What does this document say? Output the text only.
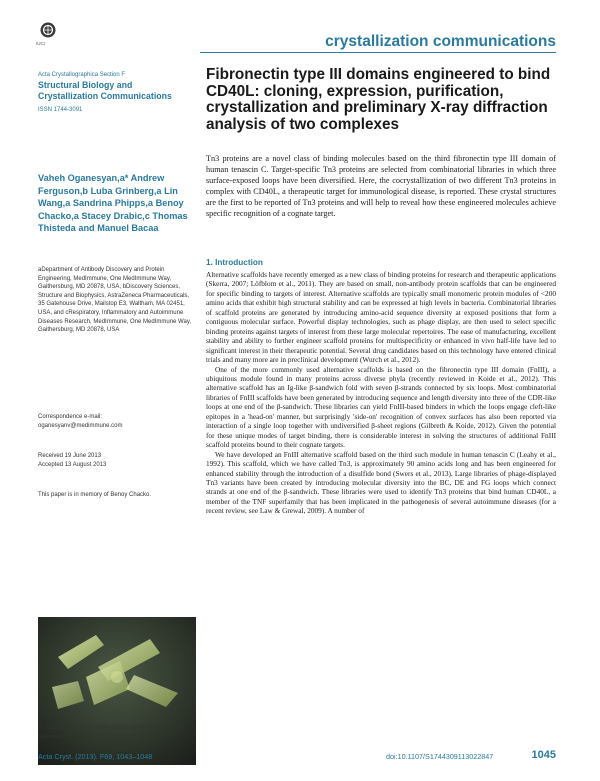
IUCr	crystallization communications
Acta Crystallographica Section F
Structural Biology and Crystallization Communications
ISSN 1744-3091
Vaheh Oganesyan,a* Andrew Ferguson,b Luba Grinberg,a Lin Wang,a Sandrina Phipps,a Benoy Chacko,a Stacey Drabic,c Thomas Thisteda and Manuel Bacaa
aDepartment of Antibody Discovery and Protein Engineering, MedImmune, One MedImmune Way, Gaithersburg, MD 20878, USA, bDiscovery Sciences, Structure and Biophysics, AstraZeneca Pharmaceuticals, 35 Gatehouse Drive, Mailstop E3, Waltham, MA 02451, USA, and cRespiratory, Inflammatory and Autoimmune Diseases Research, MedImmune, One MedImmune Way, Gaithersburg, MD 20878, USA
Correspondence e-mail:
oganesyanv@medimmune.com
Received 19 June 2013
Accepted 13 August 2013
This paper is in memory of Benoy Chacko.
© 2013 International Union of Crystallography All rights reserved
Fibronectin type III domains engineered to bind CD40L: cloning, expression, purification, crystallization and preliminary X-ray diffraction analysis of two complexes
Tn3 proteins are a novel class of binding molecules based on the third fibronectin type III domain of human tenascin C. Target-specific Tn3 proteins are selected from combinatorial libraries in which three surface-exposed loops have been diversified. Here, the cocrystallization of two different Tn3 proteins in complex with CD40L, a therapeutic target for immunological disease, is reported. These crystal structures are the first to be reported of Tn3 proteins and will help to reveal how these engineered molecules achieve specific recognition of a cognate target.
1. Introduction

Alternative scaffolds have recently emerged as a new class of binding proteins for research and therapeutic applications (Skerra, 2007; Löfblom et al., 2011). They are based on small, non-antibody protein scaffolds that can be engineered for specific binding to targets of interest. Alternative scaffolds are typically small monomeric protein modules of <200 amino acids that exhibit high structural stability and can be expressed at high levels in bacteria. Combinatorial libraries of scaffold proteins are generated by introducing amino-acid sequence diversity at exposed positions that form a contiguous molecular surface. Powerful display technologies, such as phage display, are then used to select specific binding proteins against targets of interest from these large molecular repertoires. The ease of manufacturing, excellent stability and ability to further engineer scaffold proteins for multispecificity or enhanced in vivo half-life have led to significant interest in their therapeutic potential. Several drug candidates based on this technology have entered clinical trials and many more are in preclinical development (Wurch et al., 2012).

One of the more commonly used alternative scaffolds is based on the fibronectin type III domain (FnIII), a ubiquitous module found in many proteins across diverse phyla (recently reviewed in Koide et al., 2012). This alternative scaffold has an Ig-like β-sandwich fold with seven β-strands connected by six loops. Most combinatorial libraries of FnIII scaffolds have been generated by introducing sequence and length diversity into three of the CDR-like loops at one end of the β-sandwich. These libraries can yield FnIII-based binders in which the loops engage cleft-like epitopes in a 'head-on' manner, but surprisingly 'side-on' recognition of convex surfaces has also been reported via interaction of a single loop together with undiversified β-sheet regions (Gilbreth & Koide, 2012). Given the potential for these unique modes of target binding, there is considerable interest in solving the structures of additional FnIII scaffold proteins bound to their cognate targets.

We have developed an FnIII alternative scaffold based on the third such module in human tenascin C (Leahy et al., 1992). This scaffold, which we have called Tn3, is approximately 90 amino acids long and has been engineered for enhanced stability through the introduction of a disulfide bond (Swers et al., 2013). Large libraries of phage-displayed Tn3 variants have been created by introducing molecular diversity into the BC, DE and FG loops which connect strands at one end of the β-sandwich. These libraries were used to identify Tn3 proteins that bind human CD40L, a member of the TNF superfamily that has been implicated in the pathogenesis of several autoimmune diseases (for a recent review, see Law & Grewal, 2009). A number of

Acta Cryst. (2013). F69, 1043–1048	doi:10.1107/S1744309113022847	1045
